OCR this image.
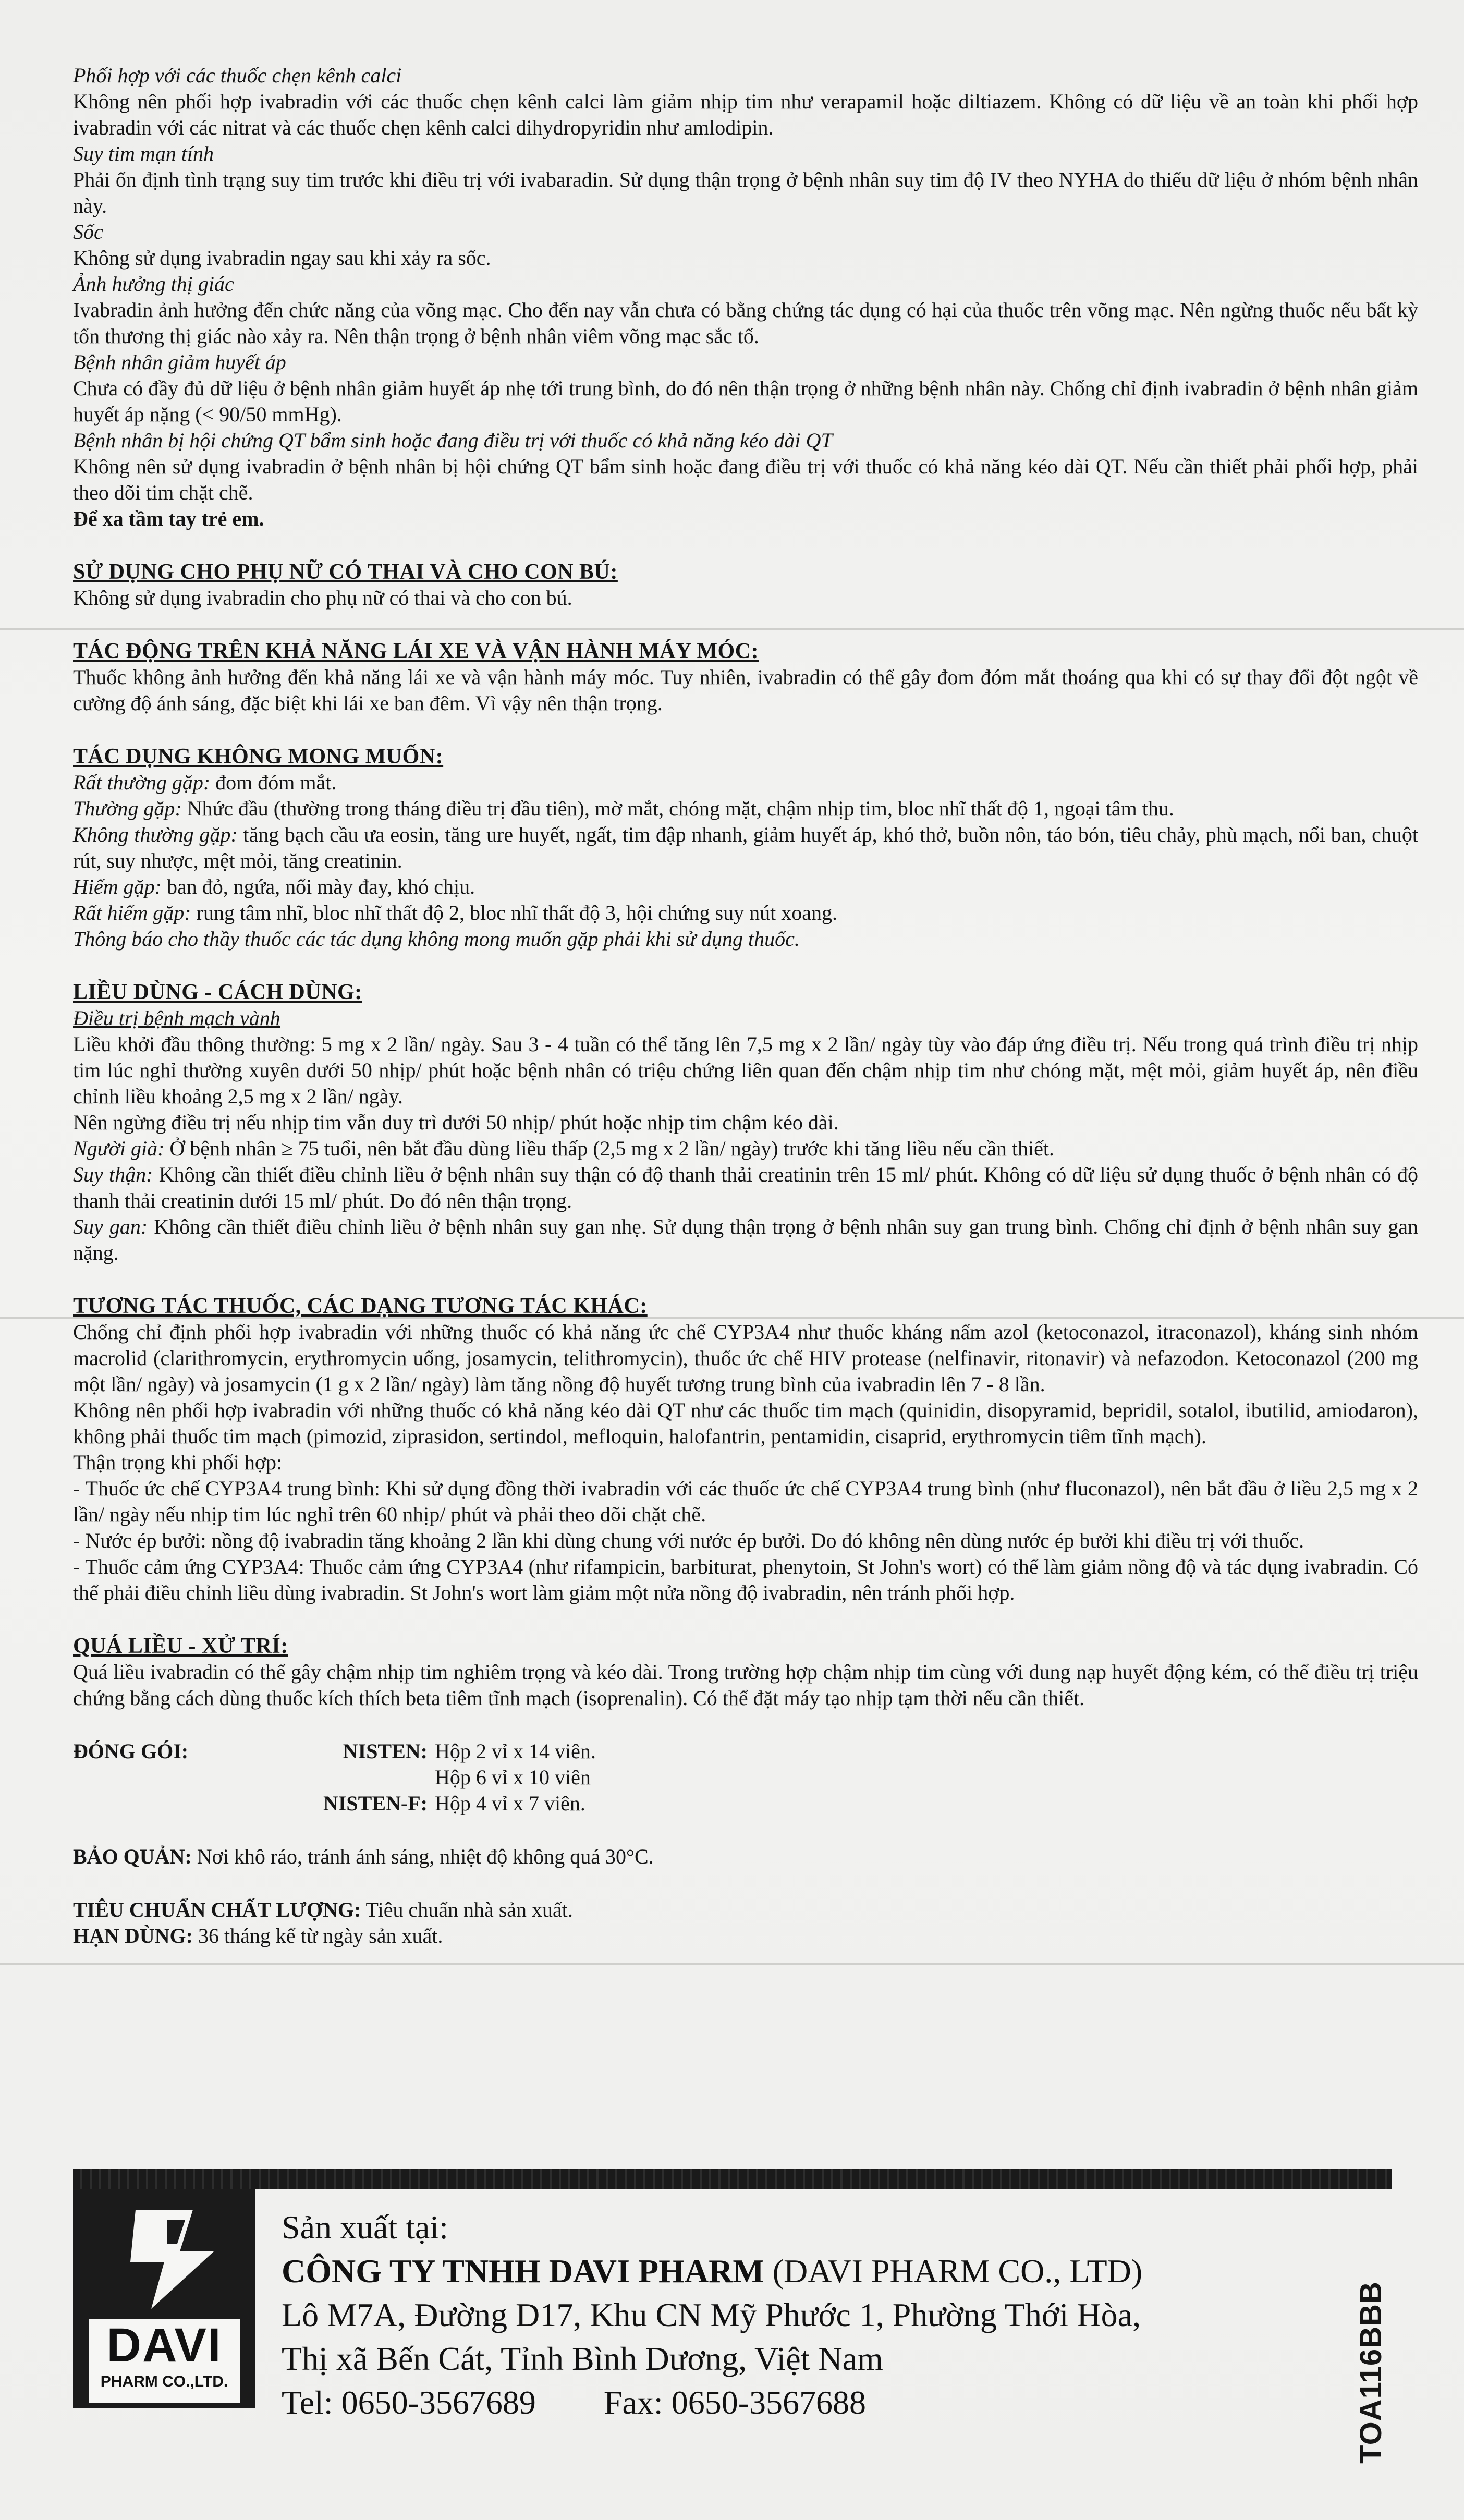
Phối hợp với các thuốc chẹn kênh calci

Không nên phối hợp ivabradin với các thuốc chẹn kênh calci làm giảm nhịp tim như verapamil hoặc diltiazem. Không có dữ liệu về an toàn khi phối hợp ivabradin với các nitrat và các thuốc chẹn kênh calci dihydropyridin như amlodipin.

Suy tim mạn tính

Phải ổn định tình trạng suy tim trước khi điều trị với ivabaradin. Sử dụng thận trọng ở bệnh nhân suy tim độ IV theo NYHA do thiếu dữ liệu ở nhóm bệnh nhân này.

Sốc

Không sử dụng ivabradin ngay sau khi xảy ra sốc.

Ảnh hưởng thị giác

Ivabradin ảnh hưởng đến chức năng của võng mạc. Cho đến nay vẫn chưa có bằng chứng tác dụng có hại của thuốc trên võng mạc. Nên ngừng thuốc nếu bất kỳ tổn thương thị giác nào xảy ra. Nên thận trọng ở bệnh nhân viêm võng mạc sắc tố.

Bệnh nhân giảm huyết áp

Chưa có đầy đủ dữ liệu ở bệnh nhân giảm huyết áp nhẹ tới trung bình, do đó nên thận trọng ở những bệnh nhân này. Chống chỉ định ivabradin ở bệnh nhân giảm huyết áp nặng (< 90/50 mmHg).

Bệnh nhân bị hội chứng QT bẩm sinh hoặc đang điều trị với thuốc có khả năng kéo dài QT

Không nên sử dụng ivabradin ở bệnh nhân bị hội chứng QT bẩm sinh hoặc đang điều trị với thuốc có khả năng kéo dài QT. Nếu cần thiết phải phối hợp, phải theo dõi tim chặt chẽ.

Để xa tầm tay trẻ em.

SỬ DỤNG CHO PHỤ NỮ CÓ THAI VÀ CHO CON BÚ:

Không sử dụng ivabradin cho phụ nữ có thai và cho con bú.

TÁC ĐỘNG TRÊN KHẢ NĂNG LÁI XE VÀ VẬN HÀNH MÁY MÓC:

Thuốc không ảnh hưởng đến khả năng lái xe và vận hành máy móc. Tuy nhiên, ivabradin có thể gây đom đóm mắt thoáng qua khi có sự thay đổi đột ngột về cường độ ánh sáng, đặc biệt khi lái xe ban đêm. Vì vậy nên thận trọng.

TÁC DỤNG KHÔNG MONG MUỐN:

Rất thường gặp: đom đóm mắt.

Thường gặp: Nhức đầu (thường trong tháng điều trị đầu tiên), mờ mắt, chóng mặt, chậm nhịp tim, bloc nhĩ thất độ 1, ngoại tâm thu.

Không thường gặp: tăng bạch cầu ưa eosin, tăng ure huyết, ngất, tim đập nhanh, giảm huyết áp, khó thở, buồn nôn, táo bón, tiêu chảy, phù mạch, nổi ban, chuột rút, suy nhược, mệt mỏi, tăng creatinin.

Hiếm gặp: ban đỏ, ngứa, nổi mày đay, khó chịu.

Rất hiếm gặp: rung tâm nhĩ, bloc nhĩ thất độ 2, bloc nhĩ thất độ 3, hội chứng suy nút xoang.

Thông báo cho thầy thuốc các tác dụng không mong muốn gặp phải khi sử dụng thuốc.

LIỀU DÙNG - CÁCH DÙNG:

Điều trị bệnh mạch vành

Liều khởi đầu thông thường: 5 mg x 2 lần/ ngày. Sau 3 - 4 tuần có thể tăng lên 7,5 mg x 2 lần/ ngày tùy vào đáp ứng điều trị. Nếu trong quá trình điều trị nhịp tim lúc nghỉ thường xuyên dưới 50 nhịp/ phút hoặc bệnh nhân có triệu chứng liên quan đến chậm nhịp tim như chóng mặt, mệt mỏi, giảm huyết áp, nên điều chỉnh liều khoảng 2,5 mg x 2 lần/ ngày.

Nên ngừng điều trị nếu nhịp tim vẫn duy trì dưới 50 nhịp/ phút hoặc nhịp tim chậm kéo dài.

Người già: Ở bệnh nhân ≥ 75 tuổi, nên bắt đầu dùng liều thấp (2,5 mg x 2 lần/ ngày) trước khi tăng liều nếu cần thiết.

Suy thận: Không cần thiết điều chỉnh liều ở bệnh nhân suy thận có độ thanh thải creatinin trên 15 ml/ phút. Không có dữ liệu sử dụng thuốc ở bệnh nhân có độ thanh thải creatinin dưới 15 ml/ phút. Do đó nên thận trọng.

Suy gan: Không cần thiết điều chỉnh liều ở bệnh nhân suy gan nhẹ. Sử dụng thận trọng ở bệnh nhân suy gan trung bình. Chống chỉ định ở bệnh nhân suy gan nặng.

TƯƠNG TÁC THUỐC, CÁC DẠNG TƯƠNG TÁC KHÁC:

Chống chỉ định phối hợp ivabradin với những thuốc có khả năng ức chế CYP3A4 như thuốc kháng nấm azol (ketoconazol, itraconazol), kháng sinh nhóm macrolid (clarithromycin, erythromycin uống, josamycin, telithromycin), thuốc ức chế HIV protease (nelfinavir, ritonavir) và nefazodon. Ketoconazol (200 mg một lần/ ngày) và josamycin (1 g x 2 lần/ ngày) làm tăng nồng độ huyết tương trung bình của ivabradin lên 7 - 8 lần.

Không nên phối hợp ivabradin với những thuốc có khả năng kéo dài QT như các thuốc tim mạch (quinidin, disopyramid, bepridil, sotalol, ibutilid, amiodaron), không phải thuốc tim mạch (pimozid, ziprasidon, sertindol, mefloquin, halofantrin, pentamidin, cisaprid, erythromycin tiêm tĩnh mạch).

Thận trọng khi phối hợp:

- Thuốc ức chế CYP3A4 trung bình: Khi sử dụng đồng thời ivabradin với các thuốc ức chế CYP3A4 trung bình (như fluconazol), nên bắt đầu ở liều 2,5 mg x 2 lần/ ngày nếu nhịp tim lúc nghỉ trên 60 nhịp/ phút và phải theo dõi chặt chẽ.

- Nước ép bưởi: nồng độ ivabradin tăng khoảng 2 lần khi dùng chung với nước ép bưởi. Do đó không nên dùng nước ép bưởi khi điều trị với thuốc.

- Thuốc cảm ứng CYP3A4: Thuốc cảm ứng CYP3A4 (như rifampicin, barbiturat, phenytoin, St John's wort) có thể làm giảm nồng độ và tác dụng ivabradin. Có thể phải điều chỉnh liều dùng ivabradin. St John's wort làm giảm một nửa nồng độ ivabradin, nên tránh phối hợp.

QUÁ LIỀU - XỬ TRÍ:

Quá liều ivabradin có thể gây chậm nhịp tim nghiêm trọng và kéo dài. Trong trường hợp chậm nhịp tim cùng với dung nạp huyết động kém, có thể điều trị triệu chứng bằng cách dùng thuốc kích thích beta tiêm tĩnh mạch (isoprenalin). Có thể đặt máy tạo nhịp tạm thời nếu cần thiết.

ĐÓNG GÓI:	NISTEN: Hộp 2 vỉ x 14 viên.
Hộp 6 vỉ x 10 viên
NISTEN-F: Hộp 4 vỉ x 7 viên.

BẢO QUẢN: Nơi khô ráo, tránh ánh sáng, nhiệt độ không quá 30°C.

TIÊU CHUẨN CHẤT LƯỢNG: Tiêu chuẩn nhà sản xuất.

HẠN DÙNG: 36 tháng kể từ ngày sản xuất.

DAVI
PHARM CO.,LTD.

Sản xuất tại:

CÔNG TY TNHH DAVI PHARM (DAVI PHARM CO., LTD)

Lô M7A, Đường D17, Khu CN Mỹ Phước 1, Phường Thới Hòa,

Thị xã Bến Cát, Tỉnh Bình Dương, Việt Nam

Tel: 0650-3567689 Fax: 0650-3567688	TOA116BBB
